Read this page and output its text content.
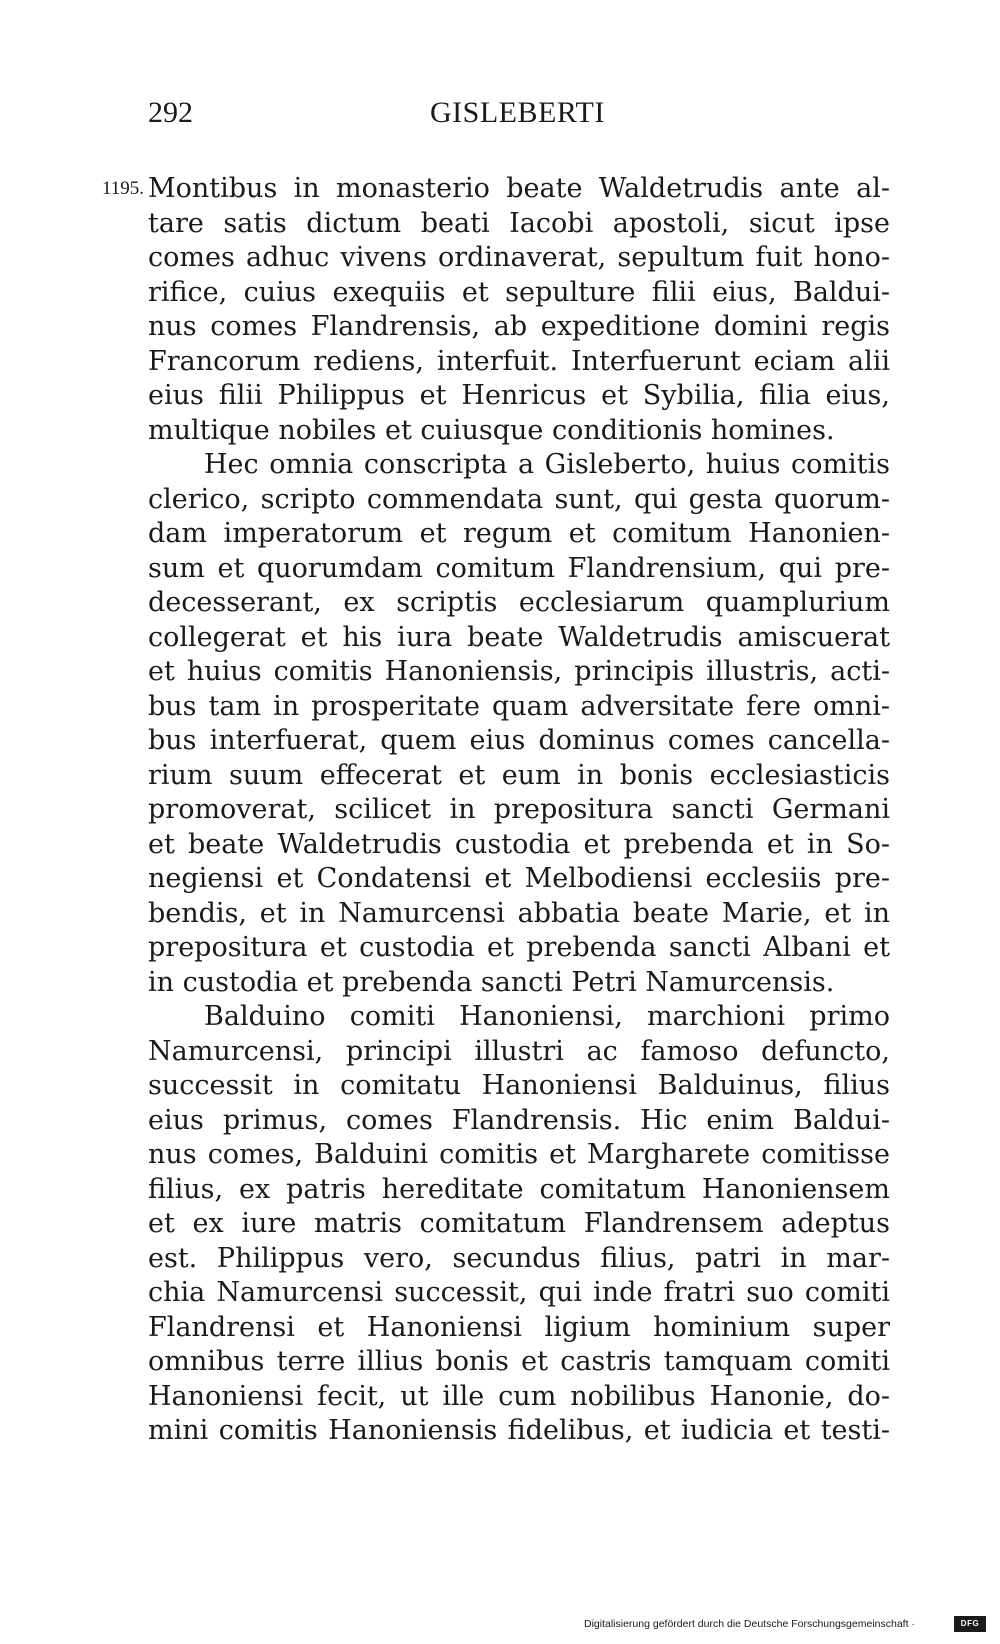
292	GISLEBERTI
1195. Montibus in monasterio beate Waldetrudis ante al-
tare satis dictum beati Iacobi apostoli, sicut ipse
comes adhuc vivens ordinaverat, sepultum fuit hono-
rifice, cuius exequiis et sepulture filii eius, Baldui-
nus comes Flandrensis, ab expeditione domini regis
Francorum rediens, interfuit. Interfuerunt eciam alii
eius filii Philippus et Henricus et Sybilia, filia eius,
multique nobiles et cuiusque conditionis homines.
Hec omnia conscripta a Gisleberto, huius comitis
clerico, scripto commendata sunt, qui gesta quorum-
dam imperatorum et regum et comitum Hanonien-
sum et quorumdam comitum Flandrensium, qui pre-
decesserant, ex scriptis ecclesiarum quamplurium
collegerat et his iura beate Waldetrudis amiscuerat
et huius comitis Hanoniensis, principis illustris, acti-
bus tam in prosperitate quam adversitate fere omni-
bus interfuerat, quem eius dominus comes cancella-
rium suum effecerat et eum in bonis ecclesiasticis
promoverat, scilicet in prepositura sancti Germani
et beate Waldetrudis custodia et prebenda et in So-
negiensi et Condatensi et Melbodiensi ecclesiis pre-
bendis, et in Namurcensi abbatia beate Marie, et in
prepositura et custodia et prebenda sancti Albani et
in custodia et prebenda sancti Petri Namurcensis.
Balduino comiti Hanoniensi, marchioni primo
Namurcensi, principi illustri ac famoso defuncto,
successit in comitatu Hanoniensi Balduinus, filius
eius primus, comes Flandrensis. Hic enim Baldui-
nus comes, Balduini comitis et Margharete comitisse
filius, ex patris hereditate comitatum Hanoniensem
et ex iure matris comitatum Flandrensem adeptus
est. Philippus vero, secundus filius, patri in mar-
chia Namurcensi successit, qui inde fratri suo comiti
Flandrensi et Hanoniensi ligium hominium super
omnibus terre illius bonis et castris tamquam comiti
Hanoniensi fecit, ut ille cum nobilibus Hanonie, do-
mini comitis Hanoniensis fidelibus, et iudicia et testi-
Digitalisierung gefördert durch die Deutsche Forschungsgemeinschaft ·	DFG
